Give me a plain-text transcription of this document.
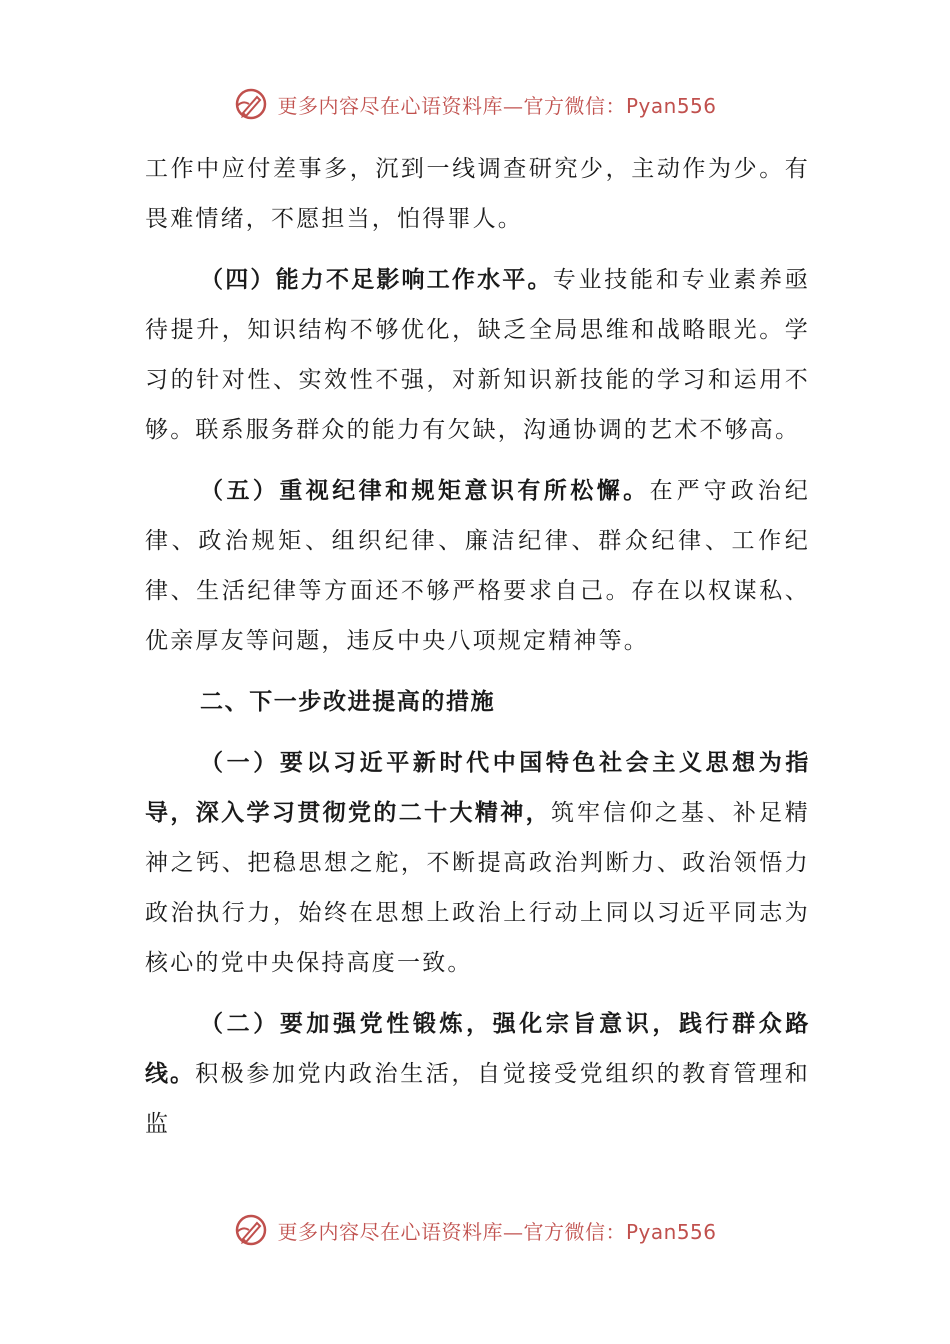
更多内容尽在心语资料库—官方微信：Pyan556

工作中应付差事多，沉到一线调查研究少，主动作为少。有畏难情绪，不愿担当，怕得罪人。

（四）能力不足影响工作水平。专业技能和专业素养亟待提升，知识结构不够优化，缺乏全局思维和战略眼光。学习的针对性、实效性不强，对新知识新技能的学习和运用不够。联系服务群众的能力有欠缺，沟通协调的艺术不够高。

（五）重视纪律和规矩意识有所松懈。在严守政治纪律、政治规矩、组织纪律、廉洁纪律、群众纪律、工作纪律、生活纪律等方面还不够严格要求自己。存在以权谋私、优亲厚友等问题，违反中央八项规定精神等。

二、下一步改进提高的措施

（一）要以习近平新时代中国特色社会主义思想为指导，深入学习贯彻党的二十大精神，筑牢信仰之基、补足精神之钙、把稳思想之舵，不断提高政治判断力、政治领悟力政治执行力，始终在思想上政治上行动上同以习近平同志为核心的党中央保持高度一致。

（二）要加强党性锻炼，强化宗旨意识，践行群众路线。积极参加党内政治生活，自觉接受党组织的教育管理和监

更多内容尽在心语资料库—官方微信：Pyan556
